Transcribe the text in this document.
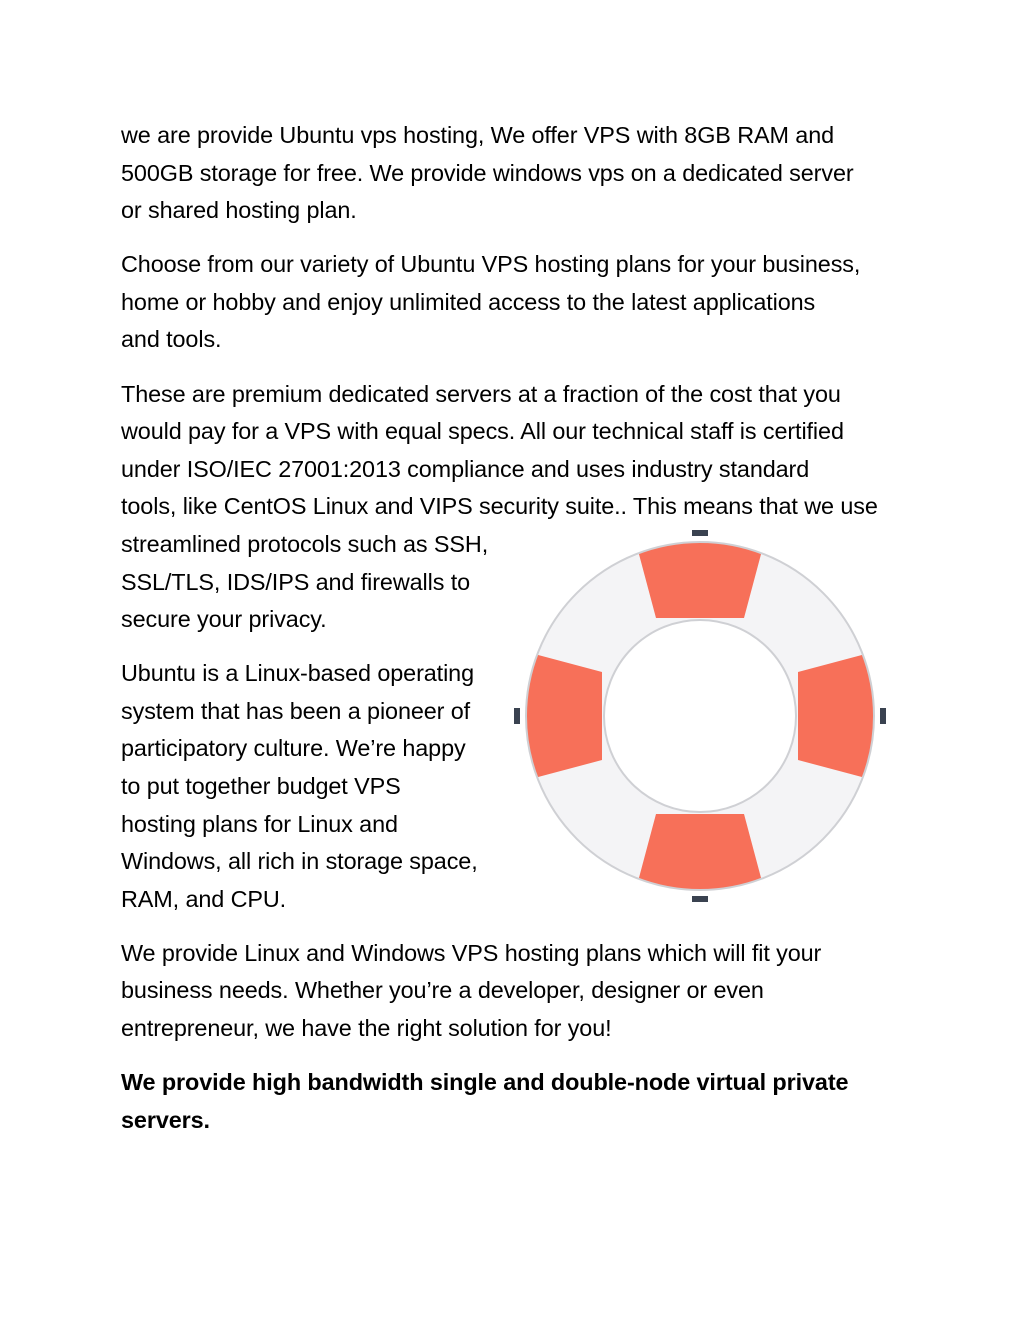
we are provide Ubuntu vps hosting, We offer VPS with 8GB RAM and
500GB storage for free. We provide windows vps on a dedicated server
or shared hosting plan.

Choose from our variety of Ubuntu VPS hosting plans for your business,
home or hobby and enjoy unlimited access to the latest applications
and tools.

These are premium dedicated servers at a fraction of the cost that you
would pay for a VPS with equal specs. All our technical staff is certified
under ISO/IEC 27001:2013 compliance and uses industry standard
tools, like CentOS Linux and VIPS security suite.. This means that we use
streamlined protocols such as SSH,
SSL/TLS, IDS/IPS and firewalls to
secure your privacy.

Ubuntu is a Linux-based operating
system that has been a pioneer of
participatory culture. We’re happy
to put together budget VPS
hosting plans for Linux and
Windows, all rich in storage space,
RAM, and CPU.

We provide Linux and Windows VPS hosting plans which will fit your
business needs. Whether you’re a developer, designer or even
entrepreneur, we have the right solution for you!

We provide high bandwidth single and double-node virtual private
servers.
